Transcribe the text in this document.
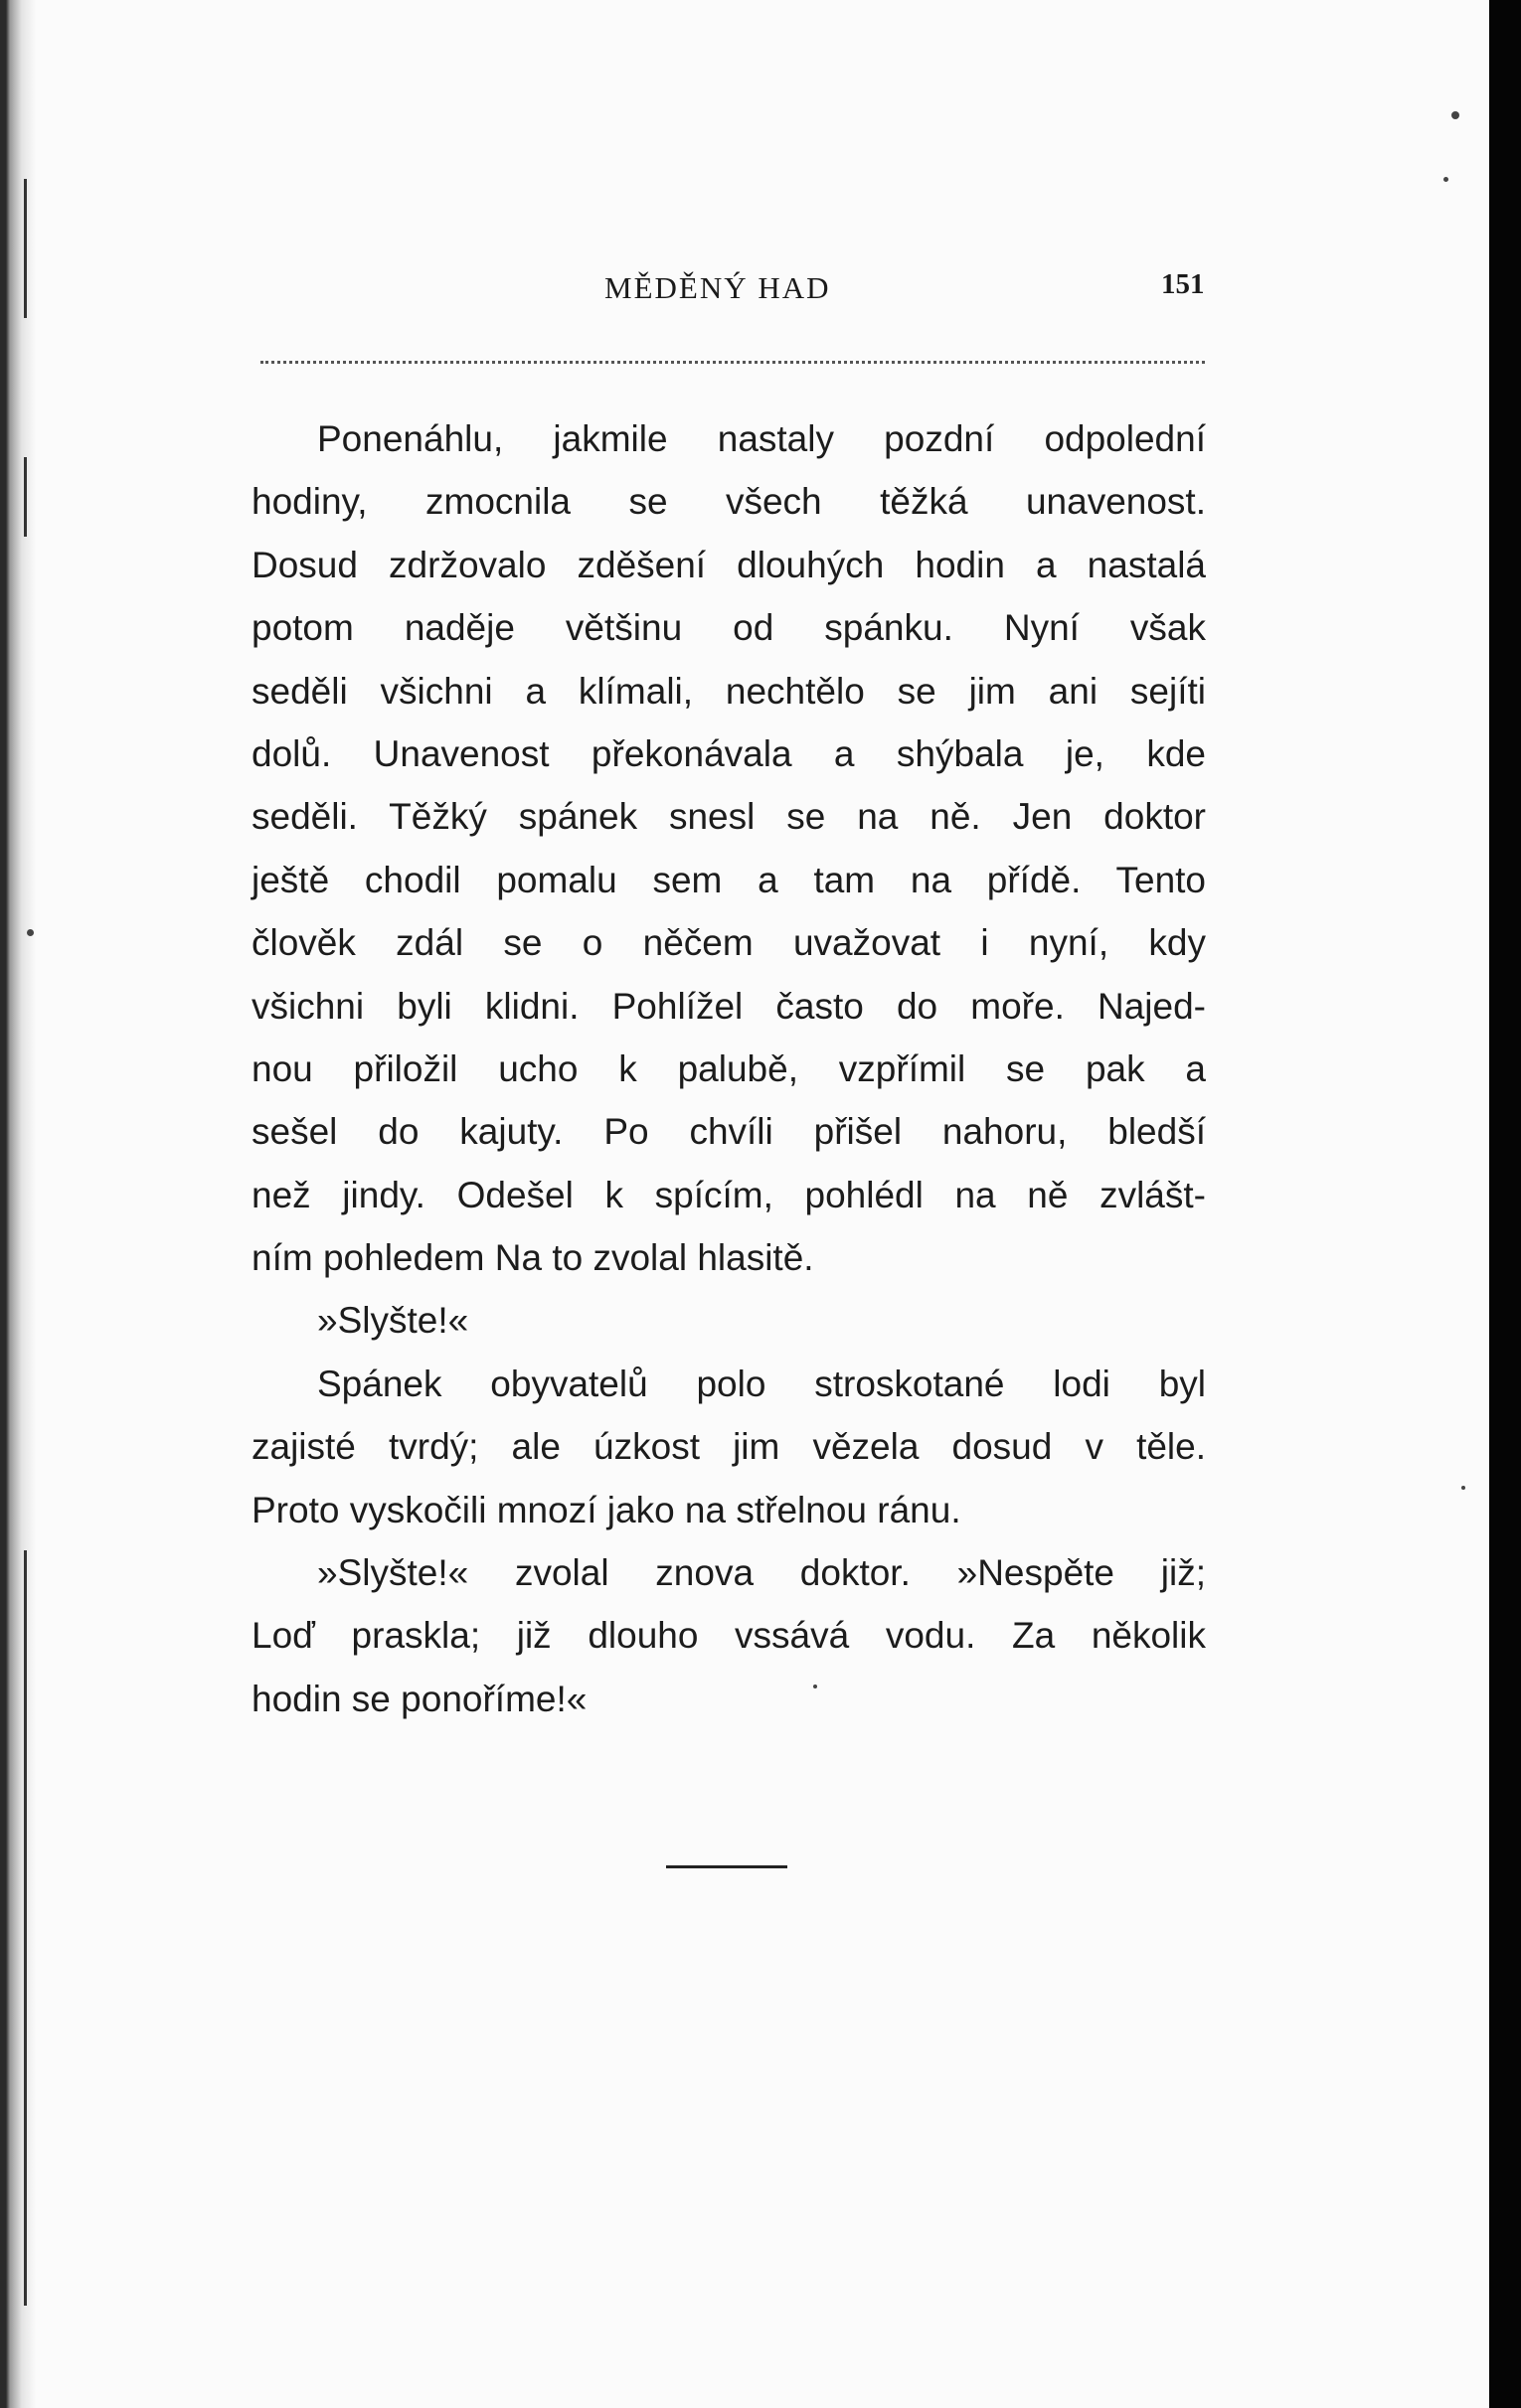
MĚDĚNÝ HAD	151
Ponenáhlu, jakmile nastaly pozdní odpolední
hodiny, zmocnila se všech těžká unavenost.
Dosud zdržovalo zděšení dlouhých hodin a nastalá
potom naděje většinu od spánku. Nyní však
seděli všichni a klímali, nechtělo se jim ani sejíti
dolů. Unavenost překonávala a shýbala je, kde
seděli. Těžký spánek snesl se na ně. Jen doktor
ještě chodil pomalu sem a tam na přídě. Tento
člověk zdál se o něčem uvažovat i nyní, kdy
všichni byli klidni. Pohlížel často do moře. Najed-
nou přiložil ucho k palubě, vzpřímil se pak a
sešel do kajuty. Po chvíli přišel nahoru, bledší
než jindy. Odešel k spícím, pohlédl na ně zvlášt-
ním pohledem Na to zvolal hlasitě.
»Slyšte!«
Spánek obyvatelů polo stroskotané lodi byl
zajisté tvrdý; ale úzkost jim vězela dosud v těle.
Proto vyskočili mnozí jako na střelnou ránu.
»Slyšte!« zvolal znova doktor. »Nespěte již;
Loď praskla; již dlouho vssává vodu. Za několik
hodin se ponoříme!«
